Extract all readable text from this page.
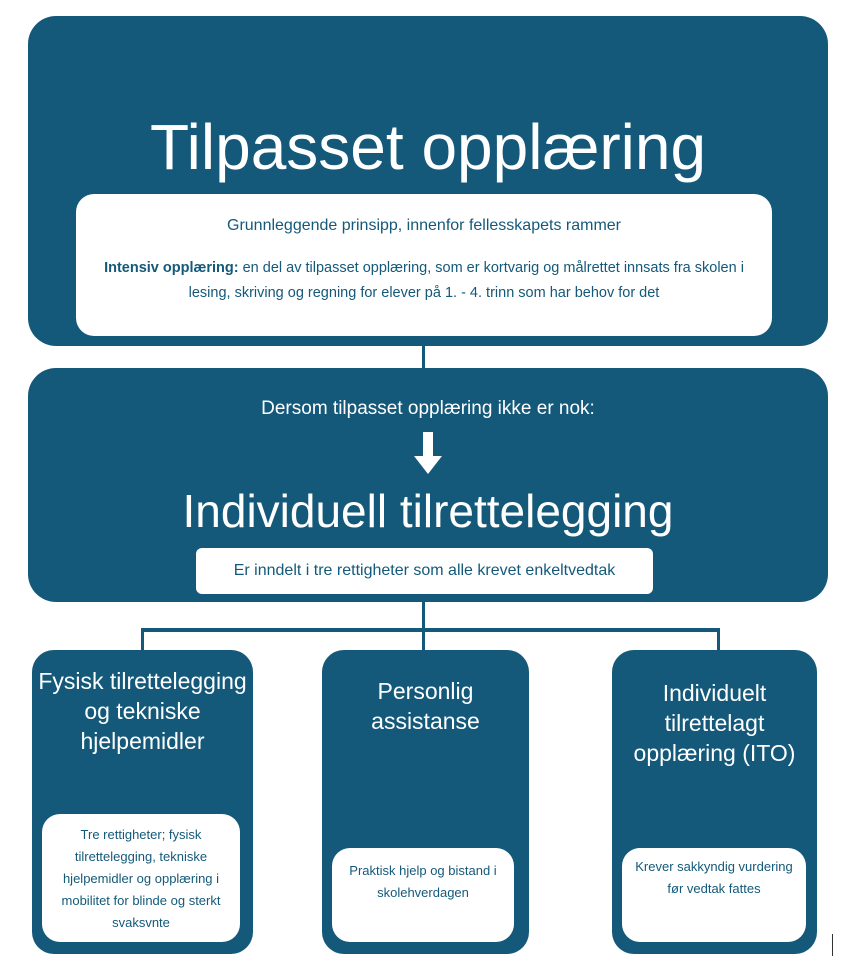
Tilpasset opplæring
Grunnleggende prinsipp, innenfor fellesskapets rammer
Intensiv opplæring: en del av tilpasset opplæring, som er kortvarig og målrettet innsats fra skolen i lesing, skriving og regning for elever på 1. - 4. trinn som har behov for det
Dersom tilpasset opplæring ikke er nok:
Individuell tilrettelegging
Er inndelt i tre rettigheter som alle krevet enkeltvedtak
Fysisk tilrettelegging og tekniske hjelpemidler
Tre rettigheter; fysisk tilrettelegging, tekniske hjelpemidler og opplæring i mobilitet for blinde og sterkt svaksvnte
Personlig assistanse
Praktisk hjelp og bistand i skolehverdagen
Individuelt tilrettelagt opplæring (ITO)
Krever sakkyndig vurdering før vedtak fattes
